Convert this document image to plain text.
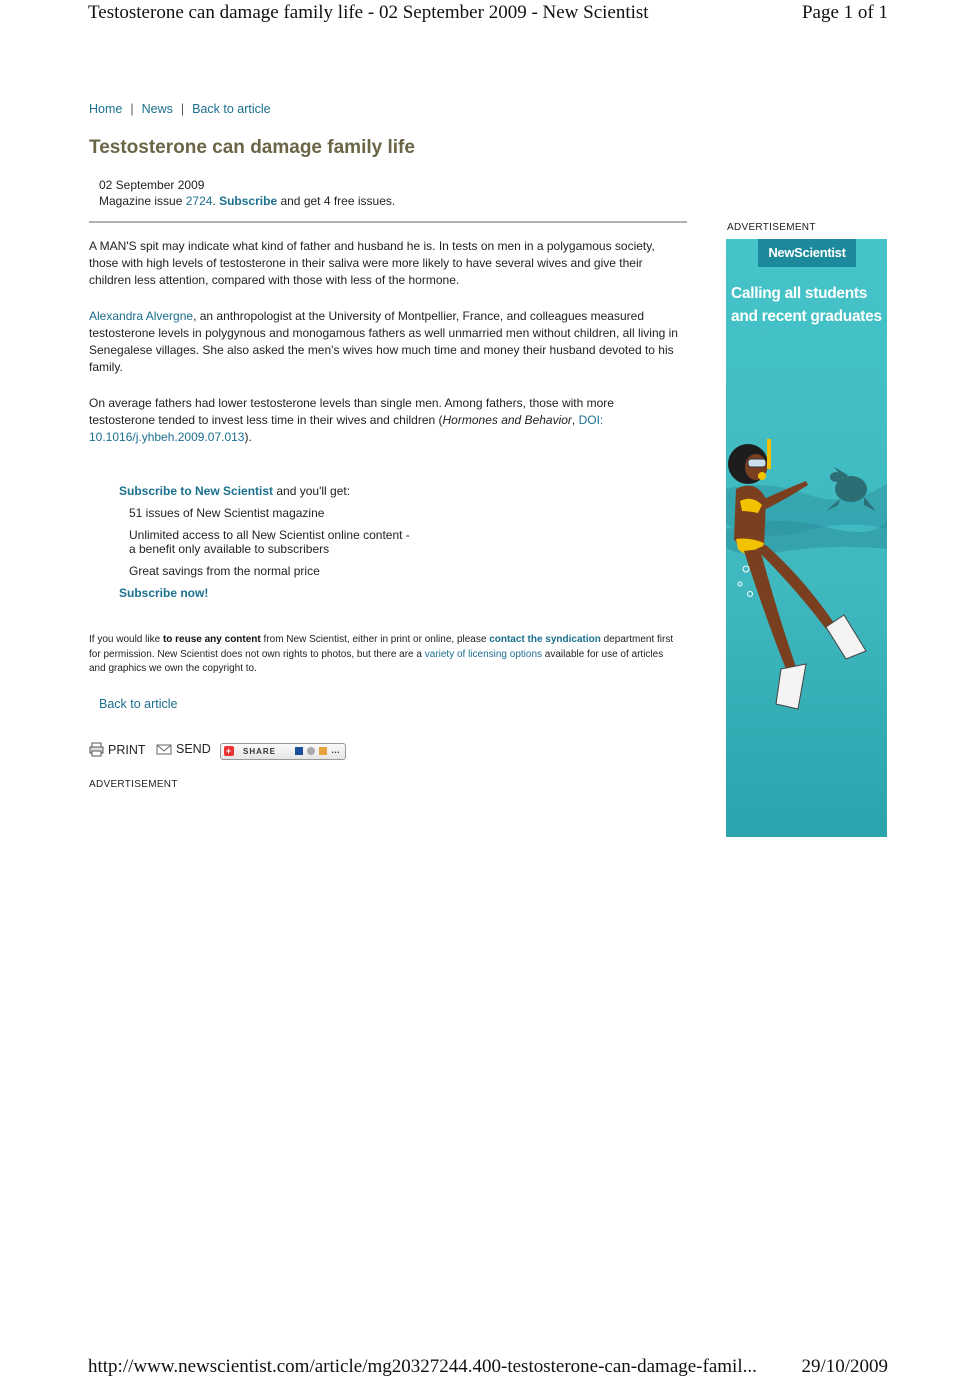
Testosterone can damage family life - 02 September 2009 - New Scientist	Page 1 of 1
Home | News | Back to article
Testosterone can damage family life
02 September 2009
Magazine issue 2724. Subscribe and get 4 free issues.

A MAN'S spit may indicate what kind of father and husband he is. In tests on men in a polygamous society, those with high levels of testosterone in their saliva were more likely to have several wives and give their children less attention, compared with those with less of the hormone.

Alexandra Alvergne, an anthropologist at the University of Montpellier, France, and colleagues measured testosterone levels in polygynous and monogamous fathers as well unmarried men without children, all living in Senegalese villages. She also asked the men's wives how much time and money their husband devoted to his family.

On average fathers had lower testosterone levels than single men. Among fathers, those with more testosterone tended to invest less time in their wives and children (Hormones and Behavior, DOI: 10.1016/j.yhbeh.2009.07.013).

Subscribe to New Scientist and you'll get:
51 issues of New Scientist magazine
Unlimited access to all New Scientist online content -
a benefit only available to subscribers
Great savings from the normal price
Subscribe now!
If you would like to reuse any content from New Scientist, either in print or online, please contact the syndication department first for permission. New Scientist does not own rights to photos, but there are a variety of licensing options available for use of articles and graphics we own the copyright to.
Back to article
PRINT SEND + SHARE	…
ADVERTISEMENT
ADVERTISEMENT
NewScientist
Calling all students and recent graduates
http://www.newscientist.com/article/mg20327244.400-testosterone-can-damage-famil... 29/10/2009
